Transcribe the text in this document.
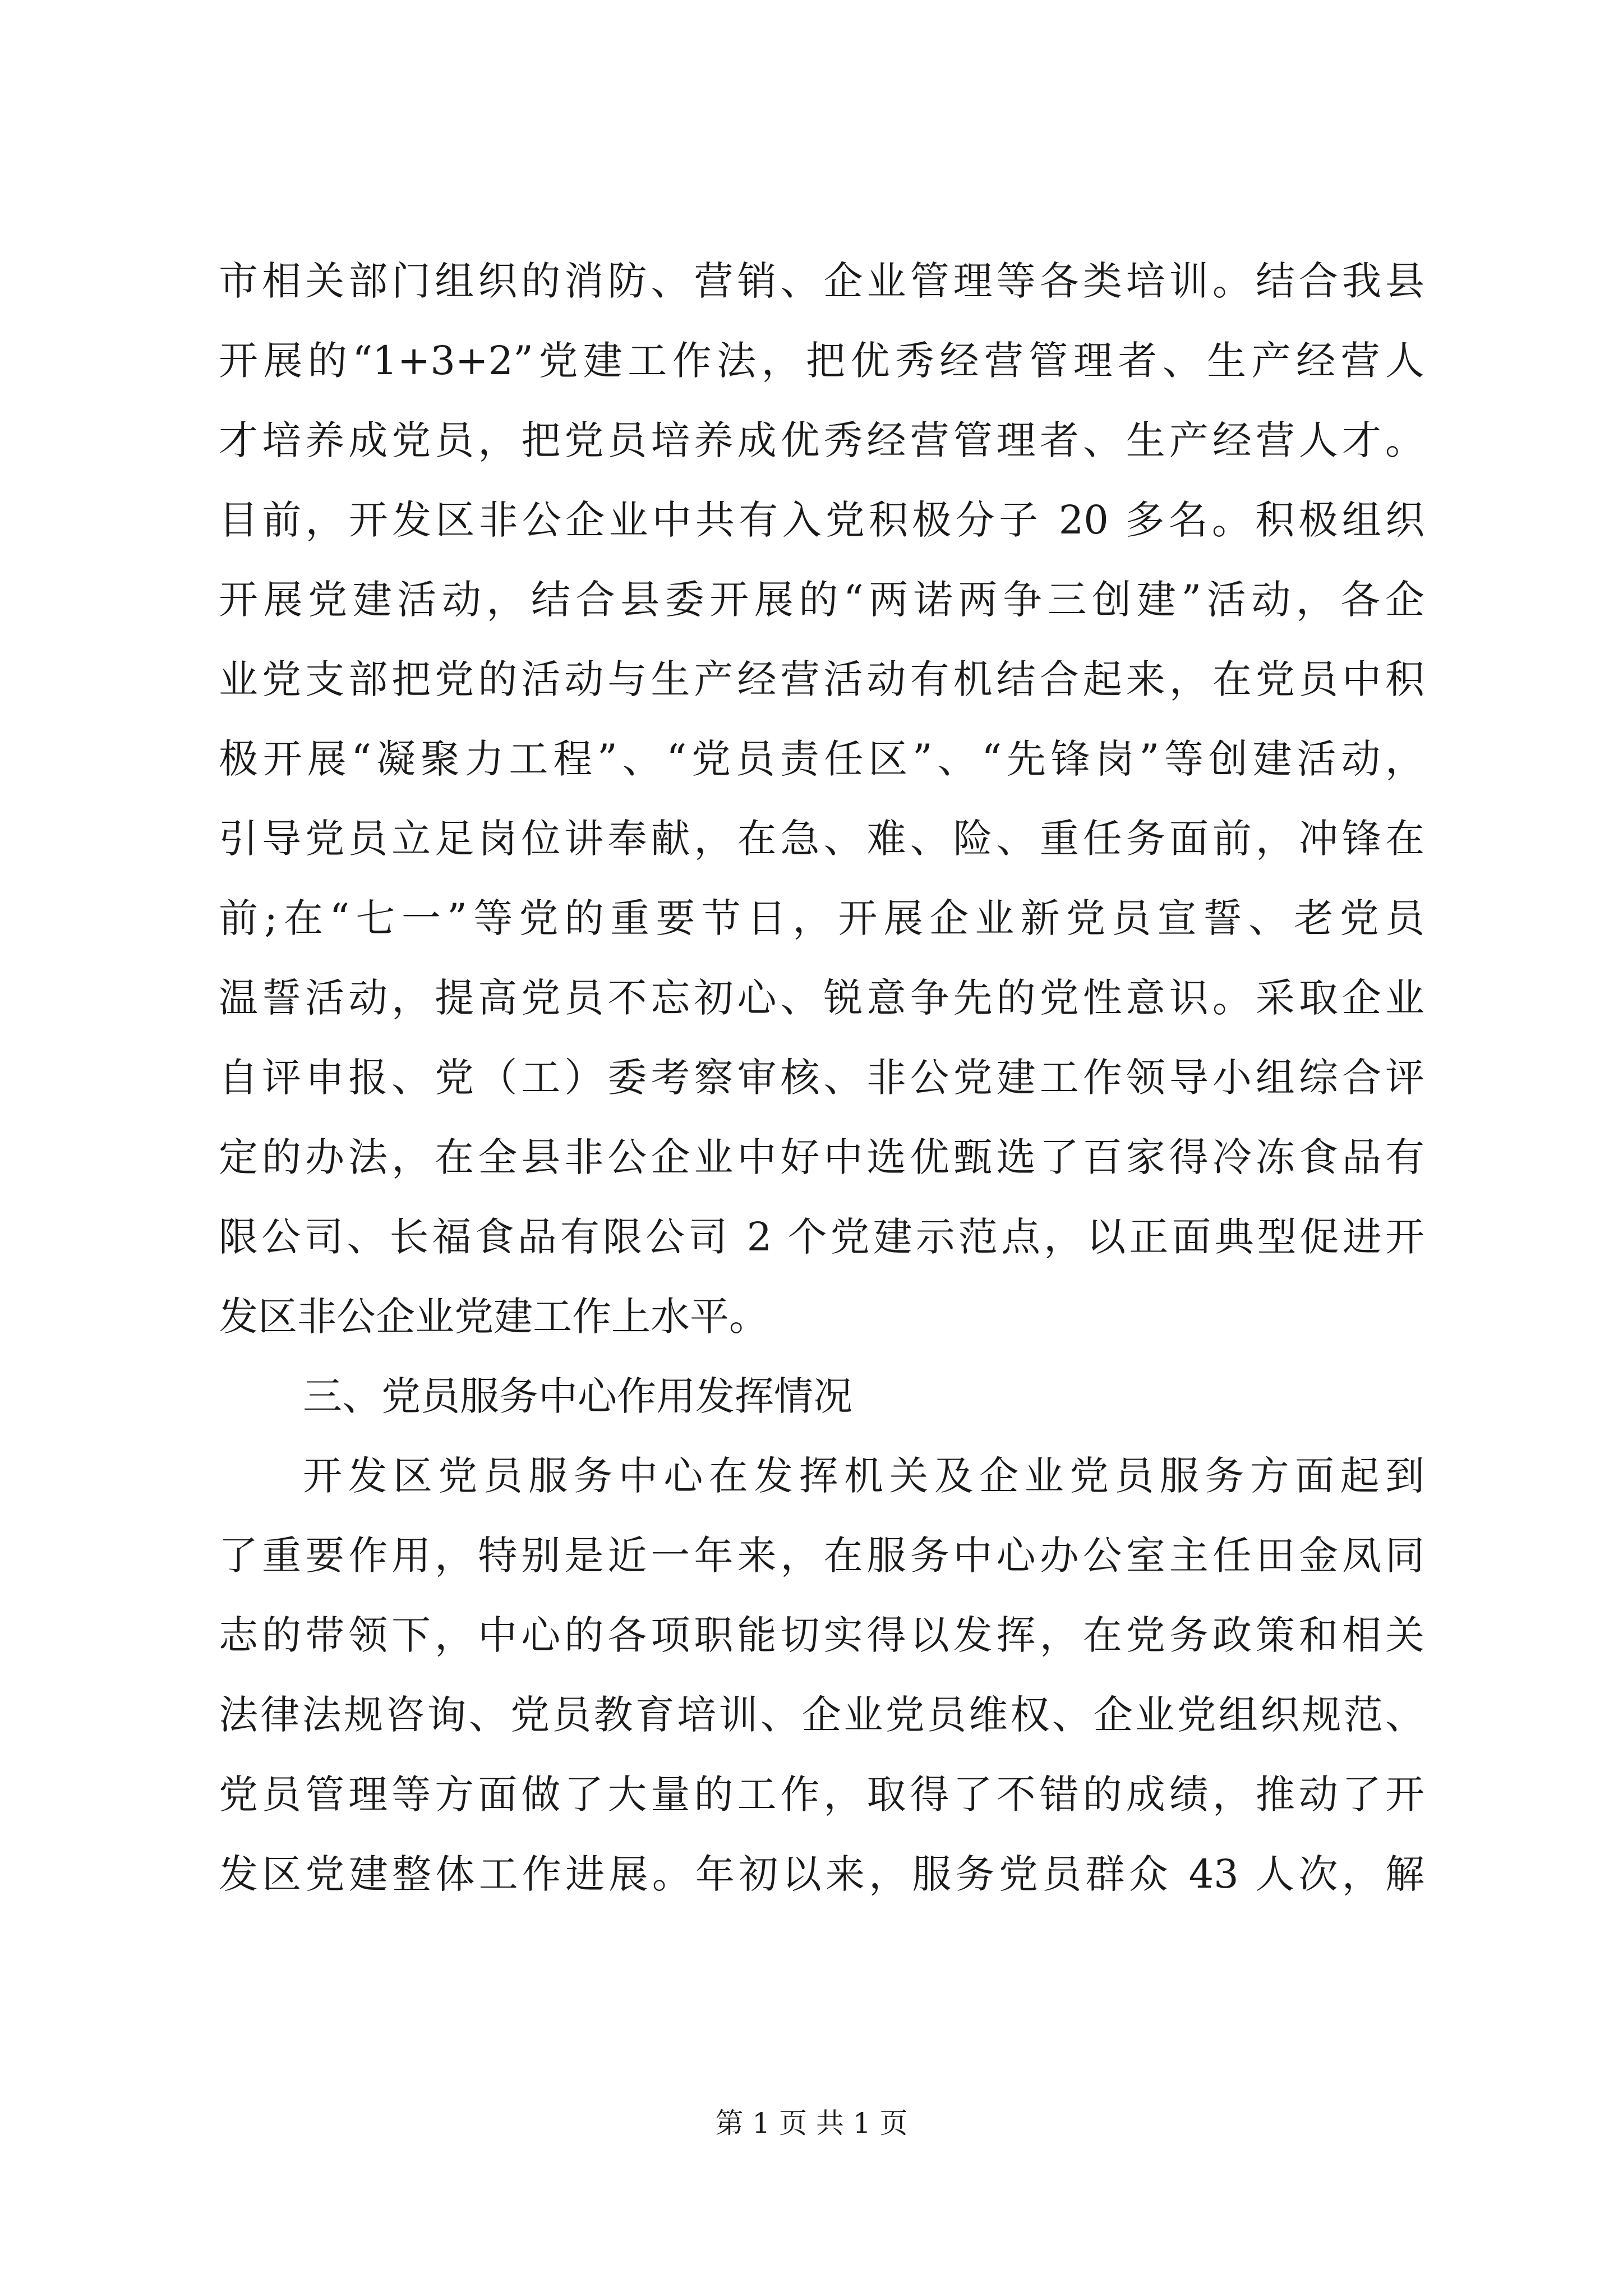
市相关部门组织的消防、营销、企业管理等各类培训。结合我县
开展的“1+3+2”党建工作法，把优秀经营管理者、生产经营人
才培养成党员，把党员培养成优秀经营管理者、生产经营人才。
目前，开发区非公企业中共有入党积极分子 20 多名。积极组织
开展党建活动，结合县委开展的“两诺两争三创建”活动，各企
业党支部把党的活动与生产经营活动有机结合起来，在党员中积
极开展“凝聚力工程”、“党员责任区”、“先锋岗”等创建活动，
引导党员立足岗位讲奉献，在急、难、险、重任务面前，冲锋在
前;在“七一”等党的重要节日，开展企业新党员宣誓、老党员
温誓活动，提高党员不忘初心、锐意争先的党性意识。采取企业
自评申报、党（工）委考察审核、非公党建工作领导小组综合评
定的办法，在全县非公企业中好中选优甄选了百家得冷冻食品有
限公司、长福食品有限公司 2 个党建示范点，以正面典型促进开
发区非公企业党建工作上水平。
三、党员服务中心作用发挥情况
开发区党员服务中心在发挥机关及企业党员服务方面起到
了重要作用，特别是近一年来，在服务中心办公室主任田金凤同
志的带领下，中心的各项职能切实得以发挥，在党务政策和相关
法律法规咨询、党员教育培训、企业党员维权、企业党组织规范、
党员管理等方面做了大量的工作，取得了不错的成绩，推动了开
发区党建整体工作进展。年初以来，服务党员群众 43 人次，解
第 1 页 共 1 页
